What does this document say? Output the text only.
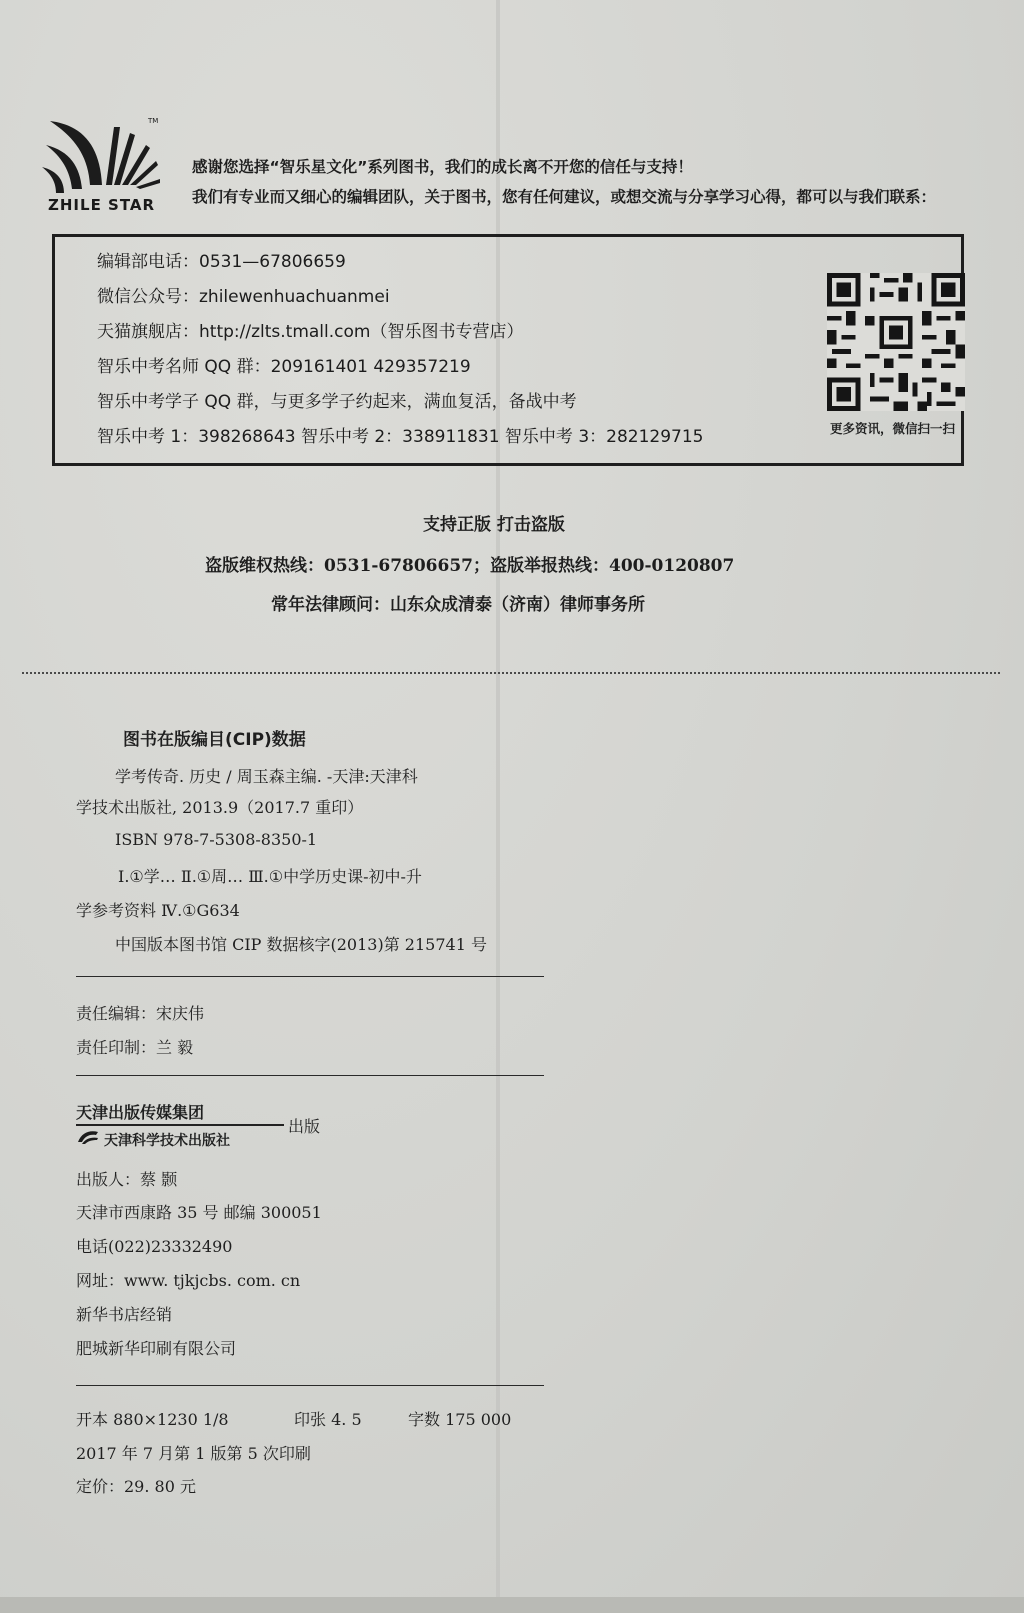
TM
ZHILE STAR
感谢您选择“智乐星文化”系列图书，我们的成长离不开您的信任与支持！
我们有专业而又细心的编辑团队，关于图书，您有任何建议，或想交流与分享学习心得，都可以与我们联系：
编辑部电话：0531—67806659
微信公众号：zhilewenhuachuanmei
天猫旗舰店：http://zlts.tmall.com（智乐图书专营店）
智乐中考名师 QQ 群：209161401 429357219
智乐中考学子 QQ 群，与更多学子约起来，满血复活，备战中考
智乐中考 1：398268643 智乐中考 2：338911831 智乐中考 3：282129715	更多资讯，微信扫一扫
支持正版 打击盗版
盗版维权热线：0531-67806657；盗版举报热线：400-0120807
常年法律顾问：山东众成清泰（济南）律师事务所
图书在版编目(CIP)数据
学考传奇. 历史 / 周玉森主编. -天津:天津科
学技术出版社, 2013.9（2017.7 重印）
ISBN 978-7-5308-8350-1
Ⅰ.①学… Ⅱ.①周… Ⅲ.①中学历史课-初中-升
学参考资料 Ⅳ.①G634
中国版本图书馆 CIP 数据核字(2013)第 215741 号
责任编辑：宋庆伟
责任印制：兰 毅
天津出版传媒集团
天津科学技术出版社
出版
出版人：蔡 颢
天津市西康路 35 号 邮编 300051
电话(022)23332490
网址：www. tjkjcbs. com. cn
新华书店经销
肥城新华印刷有限公司
开本 880×1230 1/8	印张 4. 5	字数 175 000
2017 年 7 月第 1 版第 5 次印刷
定价：29. 80 元
